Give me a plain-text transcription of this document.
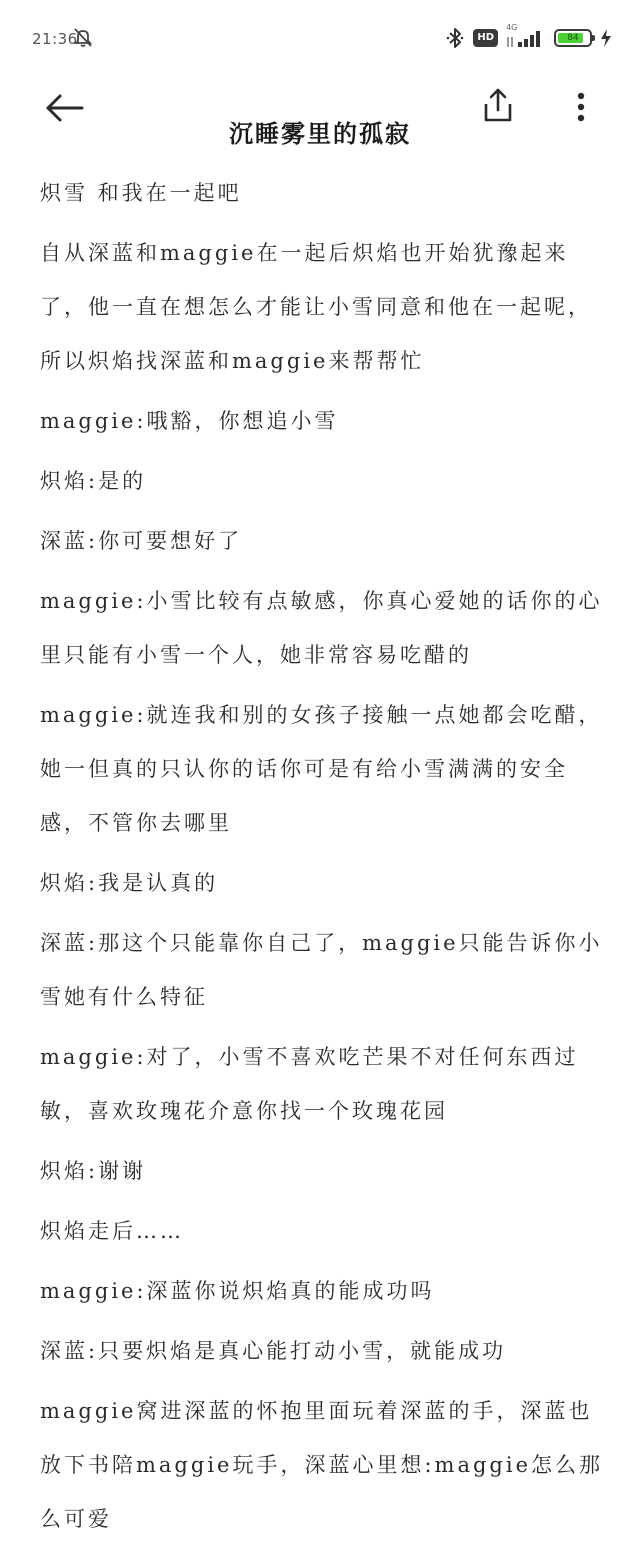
21:36	HD
4G
84
沉睡雾里的孤寂

炽雪 和我在一起吧

自从深蓝和maggie在一起后炽焰也开始犹豫起来了，他一直在想怎么才能让小雪同意和他在一起呢，所以炽焰找深蓝和maggie来帮帮忙

maggie:哦豁，你想追小雪

炽焰:是的

深蓝:你可要想好了

maggie:小雪比较有点敏感，你真心爱她的话你的心里只能有小雪一个人，她非常容易吃醋的

maggie:就连我和别的女孩子接触一点她都会吃醋，她一但真的只认你的话你可是有给小雪满满的安全感，不管你去哪里

炽焰:我是认真的

深蓝:那这个只能靠你自己了，maggie只能告诉你小雪她有什么特征

maggie:对了，小雪不喜欢吃芒果不对任何东西过敏，喜欢玫瑰花介意你找一个玫瑰花园

炽焰:谢谢

炽焰走后……

maggie:深蓝你说炽焰真的能成功吗

深蓝:只要炽焰是真心能打动小雪，就能成功

maggie窝进深蓝的怀抱里面玩着深蓝的手，深蓝也放下书陪maggie玩手，深蓝心里想:maggie怎么那么可爱
